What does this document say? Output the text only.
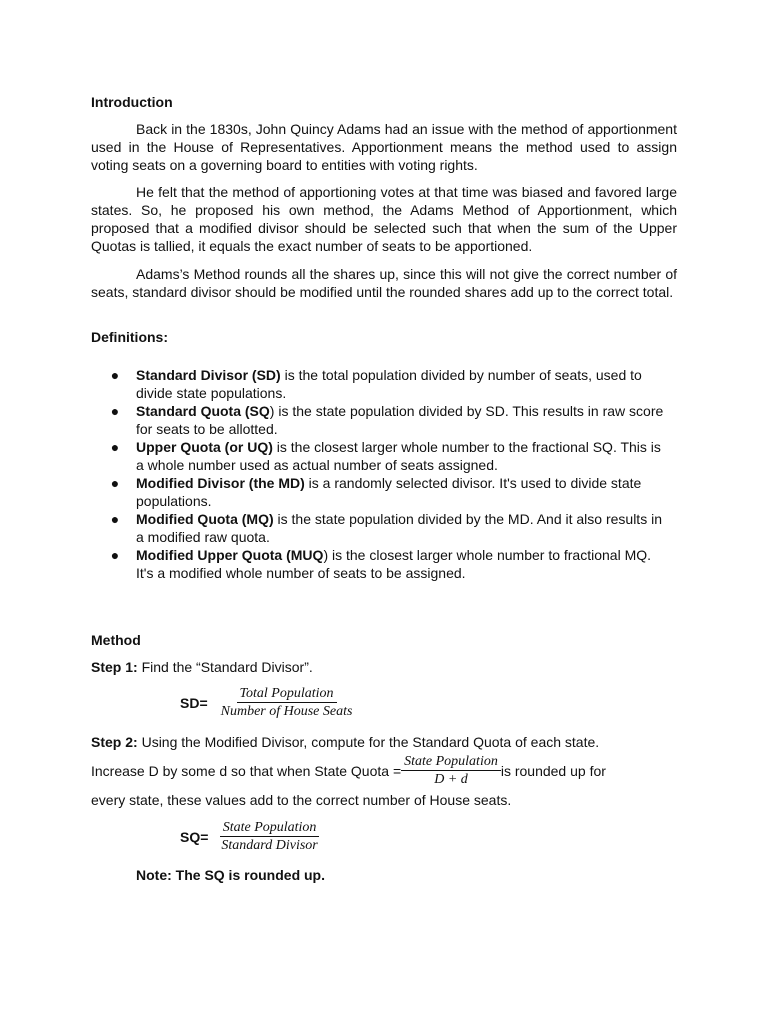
Introduction

Back in the 1830s, John Quincy Adams had an issue with the method of apportionment used in the House of Representatives. Apportionment means the method used to assign voting seats on a governing board to entities with voting rights.

He felt that the method of apportioning votes at that time was biased and favored large states. So, he proposed his own method, the Adams Method of Apportionment, which proposed that a modified divisor should be selected such that when the sum of the Upper Quotas is tallied, it equals the exact number of seats to be apportioned.

Adams’s Method rounds all the shares up, since this will not give the correct number of seats, standard divisor should be modified until the rounded shares add up to the correct total.

Definitions:
● Standard Divisor (SD) is the total population divided by number of seats, used to divide state populations.
● Standard Quota (SQ) is the state population divided by SD. This results in raw score for seats to be allotted.
● Upper Quota (or UQ) is the closest larger whole number to the fractional SQ. This is a whole number used as actual number of seats assigned.
● Modified Divisor (the MD) is a randomly selected divisor. It's used to divide state populations.
● Modified Quota (MQ) is the state population divided by the MD. And it also results in a modified raw quota.
● Modified Upper Quota (MUQ) is the closest larger whole number to fractional MQ. It's a modified whole number of seats to be assigned.
Method
Step 1: Find the “Standard Divisor”.
$SD= \frac{\text{Total Population}}{\text{Number of House Seats}}$
Step 2: Using the Modified Divisor, compute for the Standard Quota of each state.
Increase D by some d so that when State Quota = $\frac{\text{State Population}}{D + d}$ is rounded up for
every state, these values add to the correct number of House seats.
$SQ= \frac{\text{State Population}}{\text{Standard Divisor}}$
Note: The SQ is rounded up.
